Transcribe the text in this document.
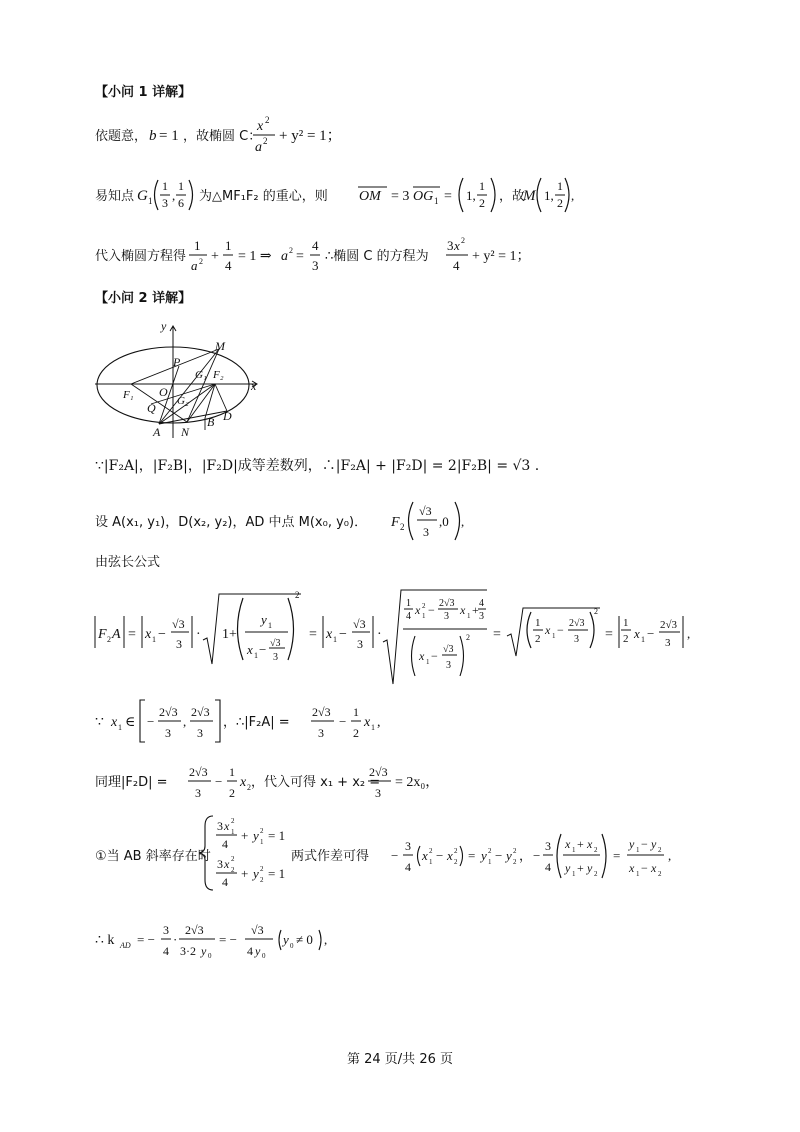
【小问 1 详解】
依题意， b = 1 ，故椭圆 C：
x 2
a 2 + y² = 1；
易知点 G 1
1
3 ,
1
6 为△MF₁F₂ 的重心，则 OM = 3 OG 1 = 1,
1
2 ，故
M 1,
1
2 ,
代入椭圆方程得
1
a 2 +
1
4
= 1 ⇒ a 2 =
4
3
∴椭圆 C 的方程为
3 x 2
4
+ y² = 1；
【小问 2 详解】
y
M
P
G₁ F₂
x
F₁ O
Q G₂
D
B
A N
∵|F₂A|，|F₂B|，|F₂D|成等差数列，∴|F₂A| + |F₂D| = 2|F₂B| = √3 .
设 A(x₁, y₁)，D(x₂, y₂)，AD 中点 M(x₀, y₀)． F 2
√3
3
,0 ,
由弦长公式
F 2 A = x 1 −
√3
3
· 1+
y 1
x 1 − √3
3
2
= x 1 −
√3
3
·
1
4 x 1
2 − 2√3
3 x 1 + 4
3
x 1 − √3
3
2 =
1
2
x 1 − 2√3
3
2
=
1
2 x 1 −
2√3
3
,
∵ x 1 ∈ −
2√3
3
,
2√3
3
，∴|F₂A| =
2√3
3
−
1
2
x 1 ,
同理|F₂D| =
2√3
3
−
1
2
x 2 ，代入可得 x₁ + x₂ =
2√3
3
= 2x₀，
①当 AB 斜率存在时
3 x 2
1
4
+ y 2
1 = 1
3 x 2
2
4
+ y 2
2 = 1
两式作差可得 −
3
4
x 2
1 − x 2
2 = y 2
1 − y 2
2 ， −
3
4
x 1 + x 2
y 1 + y 2
=
y 1 − y 2
x 1 − x 2
,
∴ k AD = −
3
4
·
2√3
3·2 y 0
= −
√3
4 y 0
y 0 ≠ 0 ,
第 24 页/共 26 页
